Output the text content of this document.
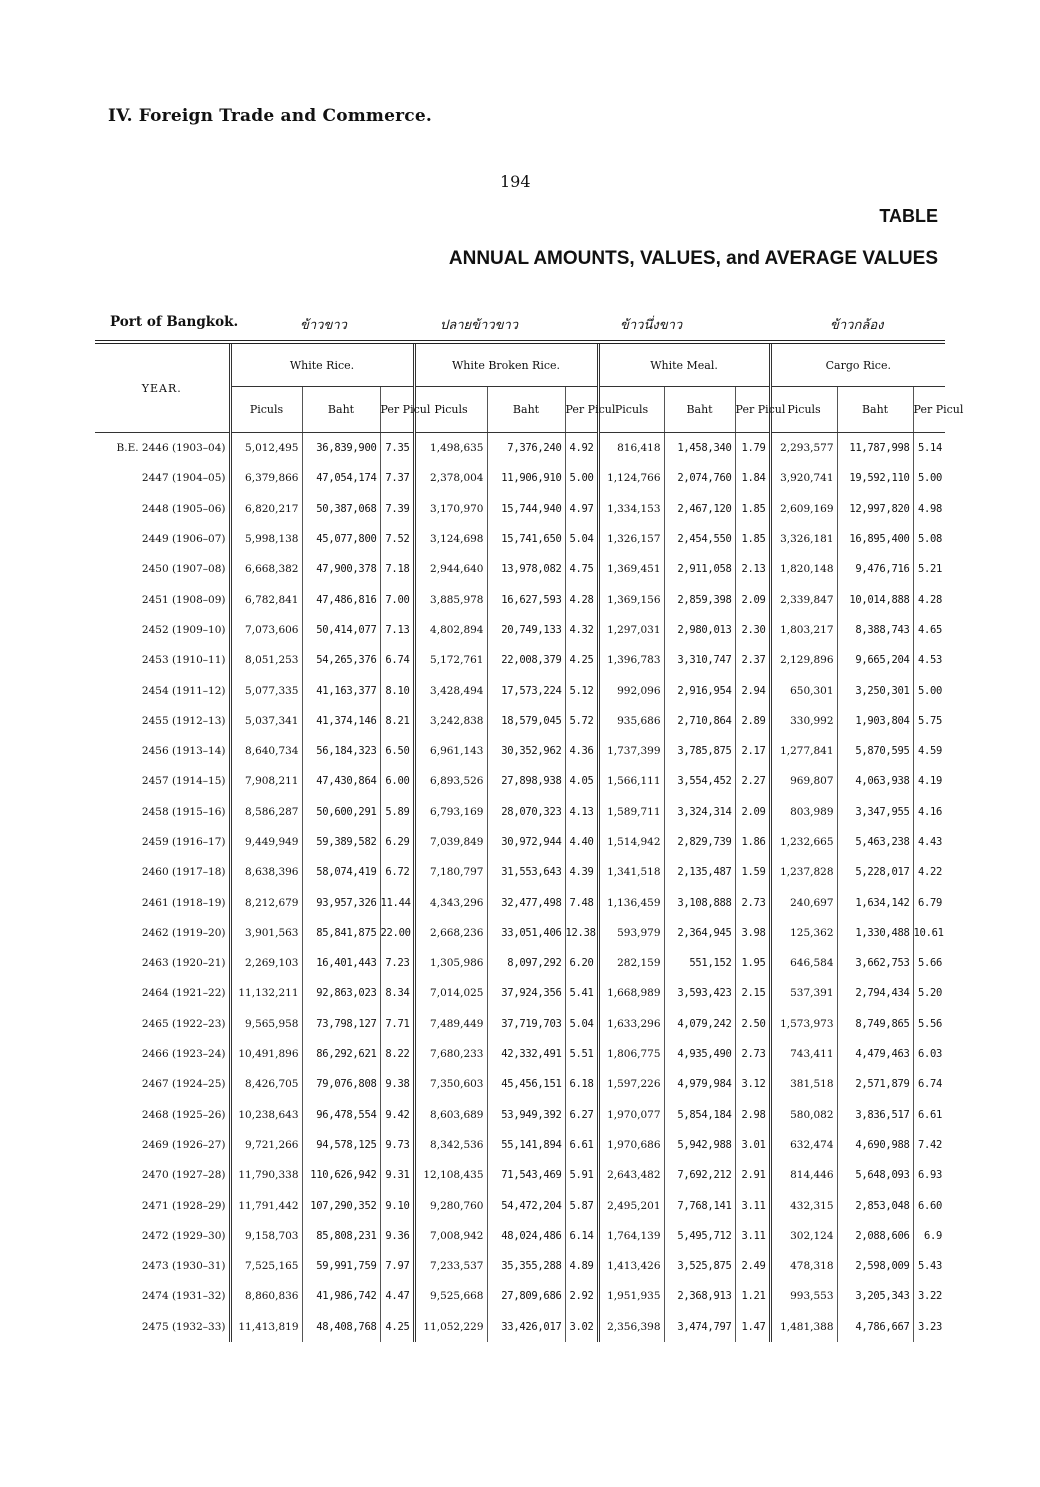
IV. Foreign Trade and Commerce.
194
TABLE
ANNUAL AMOUNTS, VALUES, and AVERAGE VALUES
Port of Bangkok.	ข้าวขาว	ปลายข้าวขาว	ข้าวนึ่งขาว	ข้าวกล้อง
YEAR.	White Rice.			White Broken Rice.			White Meal.			Cargo Rice.		
	Piculs	Baht	Per Picul	Piculs	Baht	Per Picul	Piculs	Baht	Per Picul	Piculs	Baht	Per Picul
B.E. 2446 (1903–04)	5,012,495	36,839,900	7.35	1,498,635	7,376,240	4.92	816,418	1,458,340	1.79	2,293,577	11,787,998	5.14
2447 (1904–05)	6,379,866	47,054,174	7.37	2,378,004	11,906,910	5.00	1,124,766	2,074,760	1.84	3,920,741	19,592,110	5.00
2448 (1905–06)	6,820,217	50,387,068	7.39	3,170,970	15,744,940	4.97	1,334,153	2,467,120	1.85	2,609,169	12,997,820	4.98
2449 (1906–07)	5,998,138	45,077,800	7.52	3,124,698	15,741,650	5.04	1,326,157	2,454,550	1.85	3,326,181	16,895,400	5.08
2450 (1907–08)	6,668,382	47,900,378	7.18	2,944,640	13,978,082	4.75	1,369,451	2,911,058	2.13	1,820,148	9,476,716	5.21
2451 (1908–09)	6,782,841	47,486,816	7.00	3,885,978	16,627,593	4.28	1,369,156	2,859,398	2.09	2,339,847	10,014,888	4.28
2452 (1909–10)	7,073,606	50,414,077	7.13	4,802,894	20,749,133	4.32	1,297,031	2,980,013	2.30	1,803,217	8,388,743	4.65
2453 (1910–11)	8,051,253	54,265,376	6.74	5,172,761	22,008,379	4.25	1,396,783	3,310,747	2.37	2,129,896	9,665,204	4.53
2454 (1911–12)	5,077,335	41,163,377	8.10	3,428,494	17,573,224	5.12	992,096	2,916,954	2.94	650,301	3,250,301	5.00
2455 (1912–13)	5,037,341	41,374,146	8.21	3,242,838	18,579,045	5.72	935,686	2,710,864	2.89	330,992	1,903,804	5.75
2456 (1913–14)	8,640,734	56,184,323	6.50	6,961,143	30,352,962	4.36	1,737,399	3,785,875	2.17	1,277,841	5,870,595	4.59
2457 (1914–15)	7,908,211	47,430,864	6.00	6,893,526	27,898,938	4.05	1,566,111	3,554,452	2.27	969,807	4,063,938	4.19
2458 (1915–16)	8,586,287	50,600,291	5.89	6,793,169	28,070,323	4.13	1,589,711	3,324,314	2.09	803,989	3,347,955	4.16
2459 (1916–17)	9,449,949	59,389,582	6.29	7,039,849	30,972,944	4.40	1,514,942	2,829,739	1.86	1,232,665	5,463,238	4.43
2460 (1917–18)	8,638,396	58,074,419	6.72	7,180,797	31,553,643	4.39	1,341,518	2,135,487	1.59	1,237,828	5,228,017	4.22
2461 (1918–19)	8,212,679	93,957,326	11.44	4,343,296	32,477,498	7.48	1,136,459	3,108,888	2.73	240,697	1,634,142	6.79
2462 (1919–20)	3,901,563	85,841,875	22.00	2,668,236	33,051,406	12.38	593,979	2,364,945	3.98	125,362	1,330,488	10.61
2463 (1920–21)	2,269,103	16,401,443	7.23	1,305,986	8,097,292	6.20	282,159	551,152	1.95	646,584	3,662,753	5.66
2464 (1921–22)	11,132,211	92,863,023	8.34	7,014,025	37,924,356	5.41	1,668,989	3,593,423	2.15	537,391	2,794,434	5.20
2465 (1922–23)	9,565,958	73,798,127	7.71	7,489,449	37,719,703	5.04	1,633,296	4,079,242	2.50	1,573,973	8,749,865	5.56
2466 (1923–24)	10,491,896	86,292,621	8.22	7,680,233	42,332,491	5.51	1,806,775	4,935,490	2.73	743,411	4,479,463	6.03
2467 (1924–25)	8,426,705	79,076,808	9.38	7,350,603	45,456,151	6.18	1,597,226	4,979,984	3.12	381,518	2,571,879	6.74
2468 (1925–26)	10,238,643	96,478,554	9.42	8,603,689	53,949,392	6.27	1,970,077	5,854,184	2.98	580,082	3,836,517	6.61
2469 (1926–27)	9,721,266	94,578,125	9.73	8,342,536	55,141,894	6.61	1,970,686	5,942,988	3.01	632,474	4,690,988	7.42
2470 (1927–28)	11,790,338	110,626,942	9.31	12,108,435	71,543,469	5.91	2,643,482	7,692,212	2.91	814,446	5,648,093	6.93
2471 (1928–29)	11,791,442	107,290,352	9.10	9,280,760	54,472,204	5.87	2,495,201	7,768,141	3.11	432,315	2,853,048	6.60
2472 (1929–30)	9,158,703	85,808,231	9.36	7,008,942	48,024,486	6.14	1,764,139	5,495,712	3.11	302,124	2,088,606	6.9
2473 (1930–31)	7,525,165	59,991,759	7.97	7,233,537	35,355,288	4.89	1,413,426	3,525,875	2.49	478,318	2,598,009	5.43
2474 (1931–32)	8,860,836	41,986,742	4.47	9,525,668	27,809,686	2.92	1,951,935	2,368,913	1.21	993,553	3,205,343	3.22
2475 (1932–33)	11,413,819	48,408,768	4.25	11,052,229	33,426,017	3.02	2,356,398	3,474,797	1.47	1,481,388	4,786,667	3.23
